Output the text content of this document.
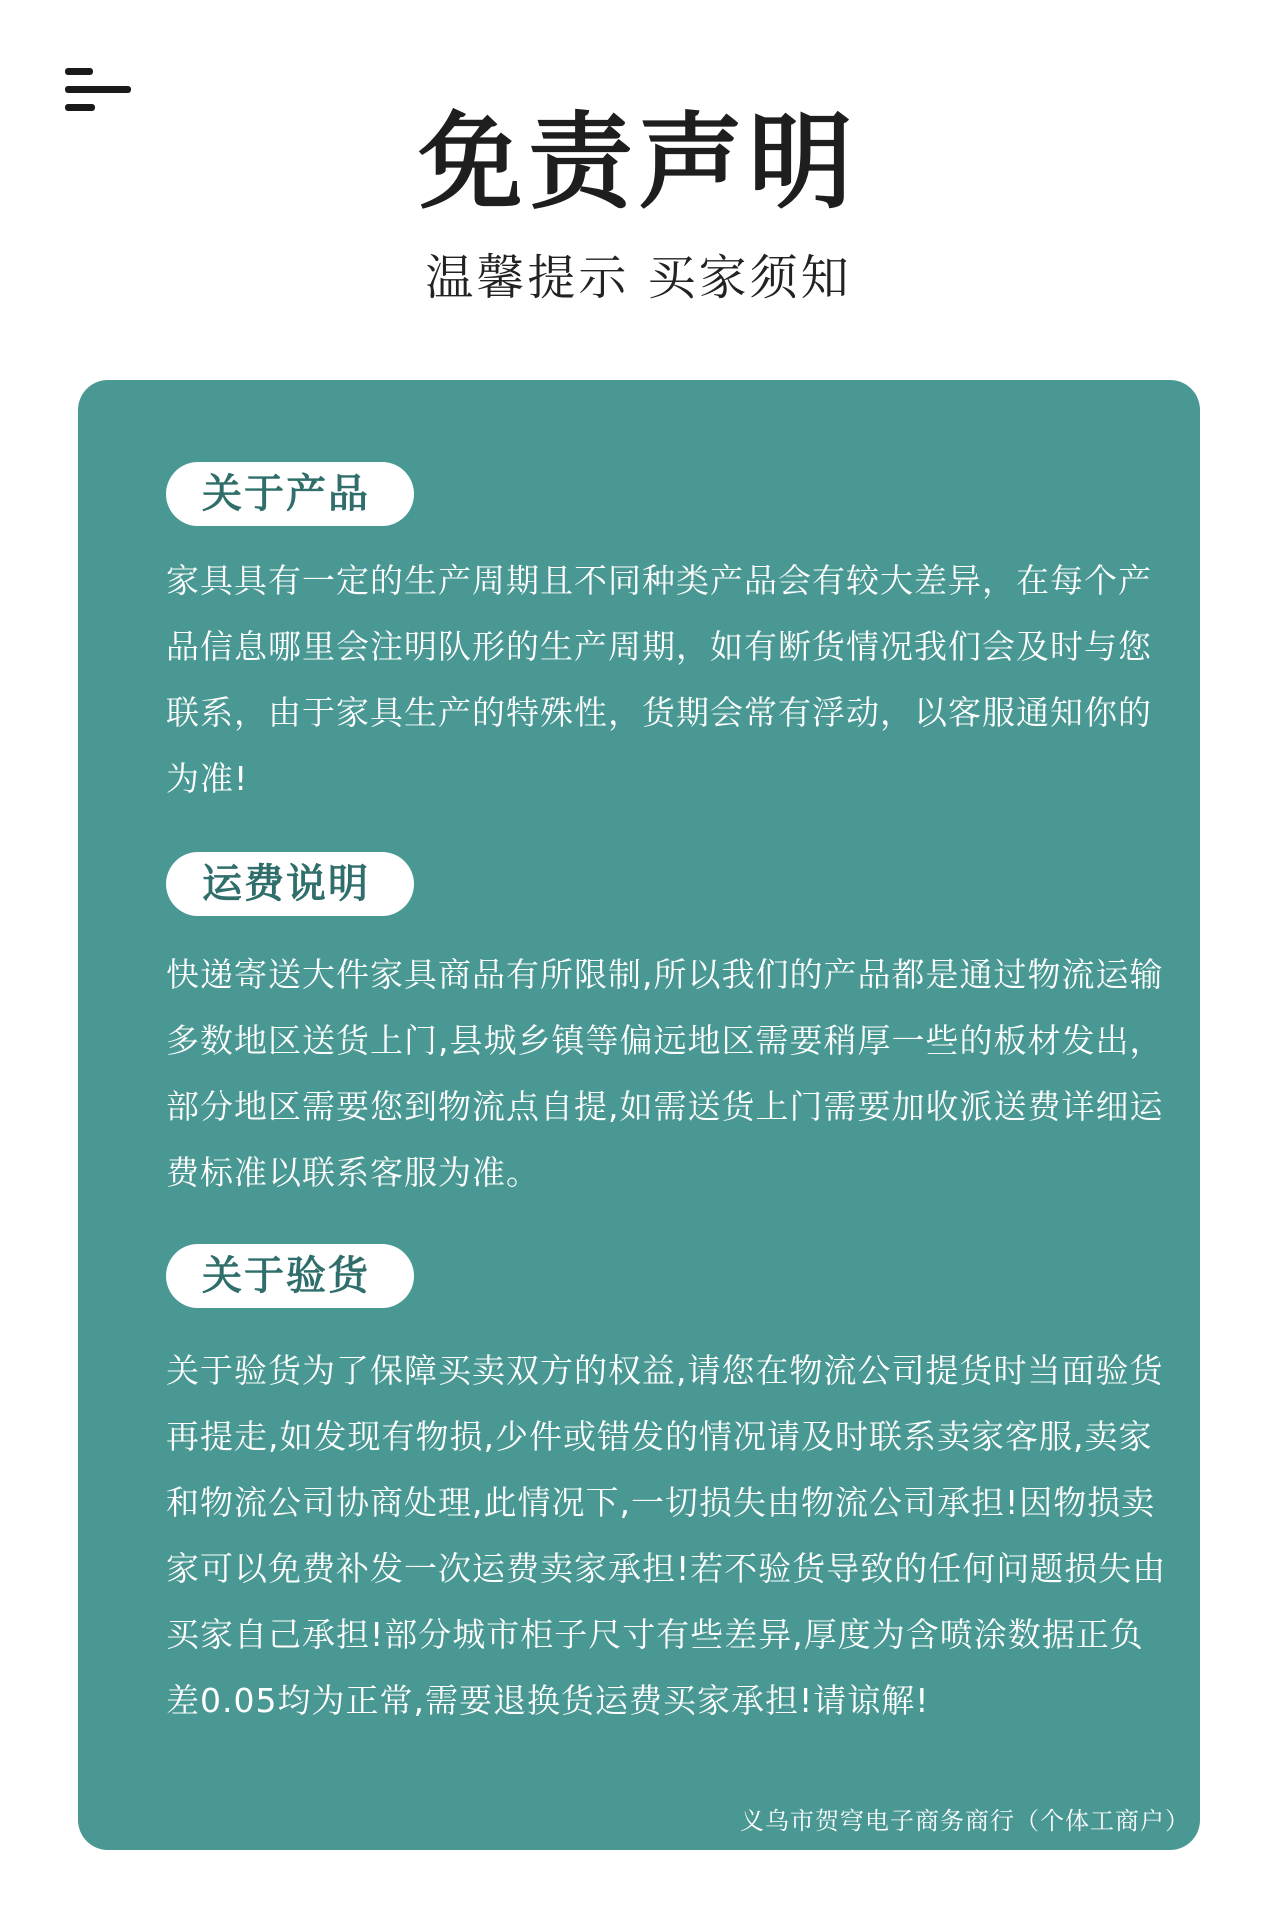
免责声明
温馨提示 买家须知
关于产品

家具具有一定的生产周期且不同种类产品会有较大差异，在每个产品信息哪里会注明队形的生产周期，如有断货情况我们会及时与您联系，由于家具生产的特殊性，货期会常有浮动，以客服通知你的为准!

运费说明

快递寄送大件家具商品有所限制,所以我们的产品都是通过物流运输多数地区送货上门,县城乡镇等偏远地区需要稍厚一些的板材发出，部分地区需要您到物流点自提,如需送货上门需要加收派送费详细运费标准以联系客服为准。

关于验货

关于验货为了保障买卖双方的权益,请您在物流公司提货时当面验货再提走,如发现有物损,少件或错发的情况请及时联系卖家客服,卖家和物流公司协商处理,此情况下,一切损失由物流公司承担!因物损卖家可以免费补发一次运费卖家承担!若不验货导致的任何问题损失由买家自己承担!部分城市柜子尺寸有些差异,厚度为含喷涂数据正负差0.05均为正常,需要退换货运费买家承担!请谅解!

义乌市贺穹电子商务商行（个体工商户）
